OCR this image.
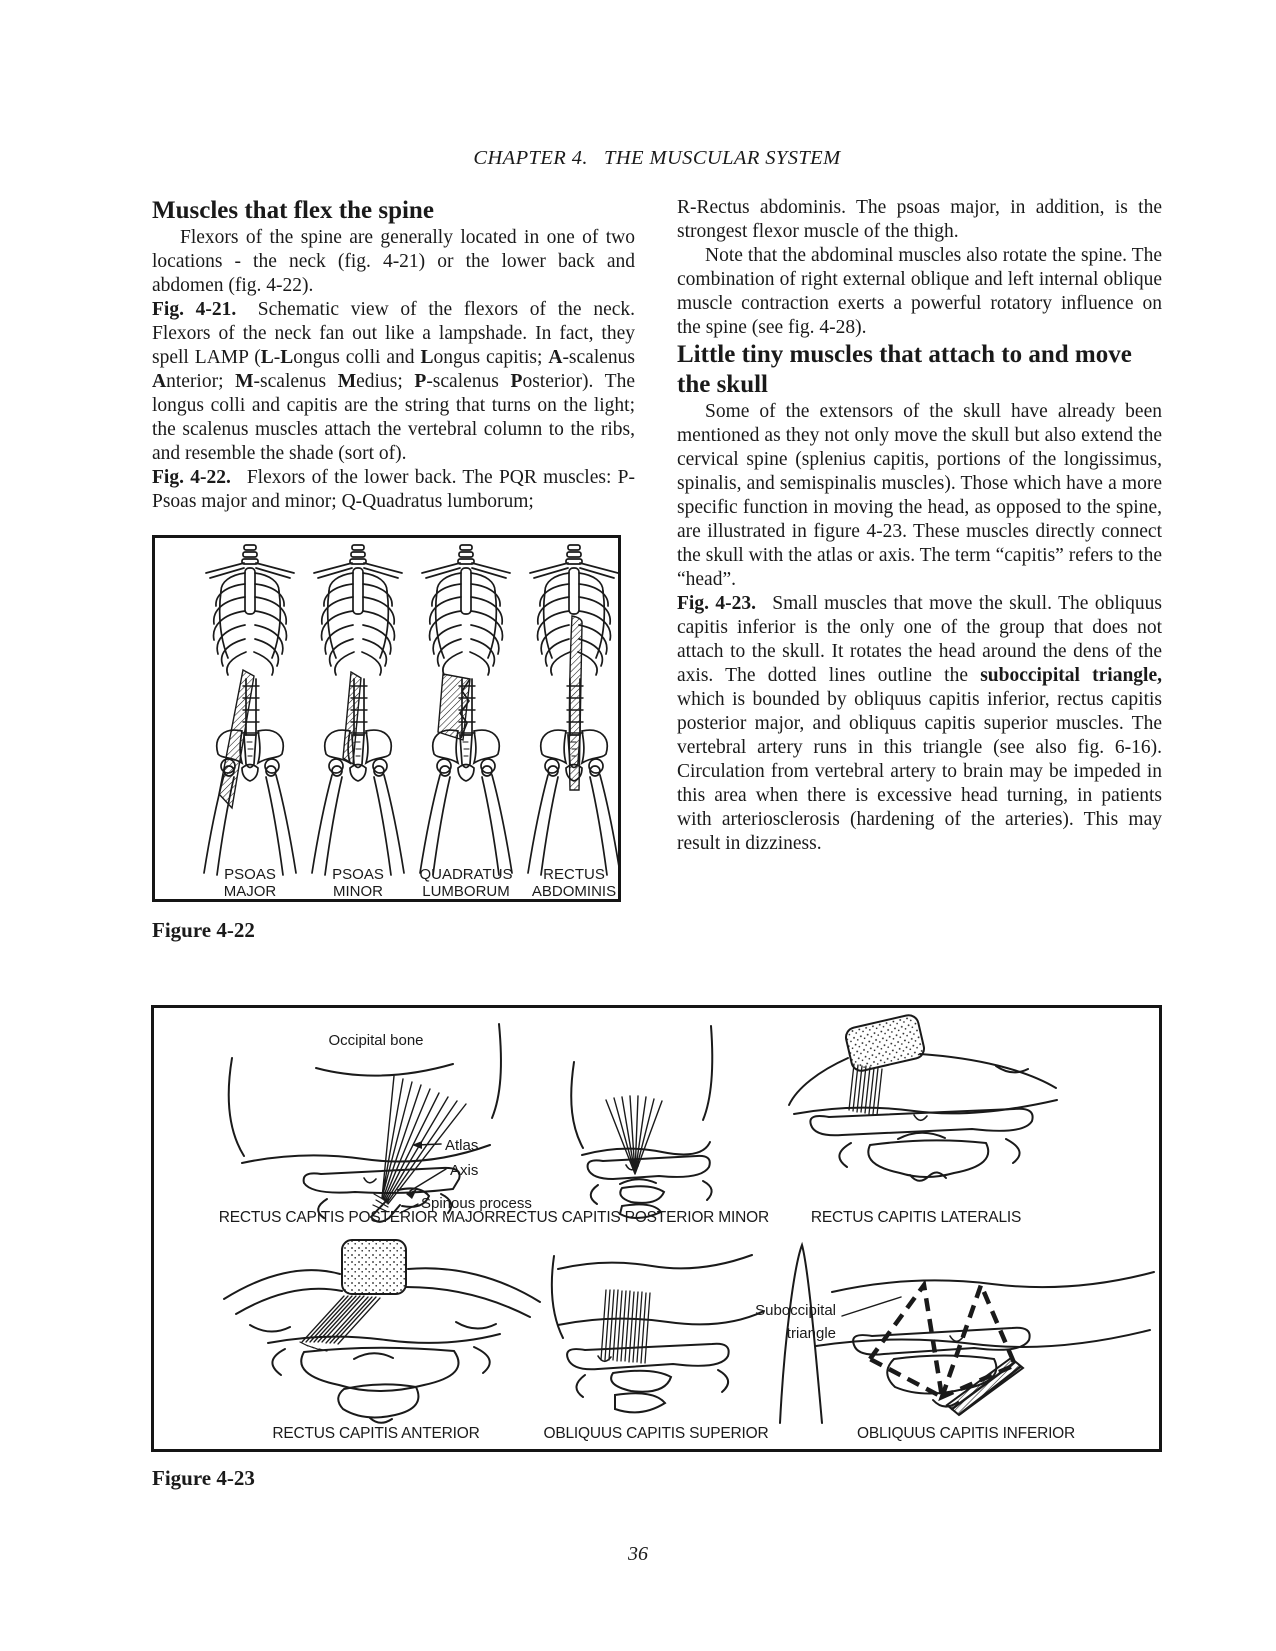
CHAPTER 4.  THE MUSCULAR SYSTEM
Muscles that flex the spine

Flexors of the spine are generally located in one of two locations - the neck (fig. 4-21) or the lower back and abdomen (fig. 4-22).

Fig. 4-21.  Schematic view of the flexors of the neck. Flexors of the neck fan out like a lampshade. In fact, they spell LAMP (L-Longus colli and Longus capitis; A-scalenus Anterior; M-scalenus Medius; P-scalenus Posterior). The longus colli and capitis are the string that turns on the light; the scalenus muscles attach the vertebral column to the ribs, and resemble the shade (sort of).

Fig. 4-22.  Flexors of the lower back. The PQR muscles: P-Psoas major and minor; Q-Quadratus lumborum;

PSOAS
MAJOR
PSOAS
MINOR
QUADRATUS
LUMBORUM
RECTUS
ABDOMINIS
Figure 4-22

R-Rectus abdominis. The psoas major, in addition, is the strongest flexor muscle of the thigh.

Note that the abdominal muscles also rotate the spine. The combination of right external oblique and left internal oblique muscle contraction exerts a powerful rotatory influence on the spine (see fig. 4-28).

Little tiny muscles that attach to and move the skull

Some of the extensors of the skull have already been mentioned as they not only move the skull but also extend the cervical spine (splenius capitis, portions of the longissimus, spinalis, and semispinalis muscles). Those which have a more specific function in moving the head, as opposed to the spine, are illustrated in figure 4-23. These muscles directly connect the skull with the atlas or axis. The term “capitis” refers to the “head”.

Fig. 4-23.  Small muscles that move the skull. The obliquus capitis inferior is the only one of the group that does not attach to the skull. It rotates the head around the dens of the axis. The dotted lines outline the suboccipital triangle, which is bounded by obliquus capitis inferior, rectus capitis posterior major, and obliquus capitis superior muscles. The vertebral artery runs in this triangle (see also fig. 6-16). Circulation from vertebral artery to brain may be impeded in this area when there is excessive head turning, in patients with arteriosclerosis (hardening of the arteries). This may result in dizziness.

Occipital bone
Atlas
Axis
Spinous process
Suboccipital
triangle
RECTUS CAPITIS POSTERIOR MAJOR RECTUS CAPITIS POSTERIOR MINOR	RECTUS CAPITIS LATERALIS
RECTUS CAPITIS ANTERIOR	OBLIQUUS CAPITIS SUPERIOR	OBLIQUUS CAPITIS INFERIOR
Figure 4-23
36
